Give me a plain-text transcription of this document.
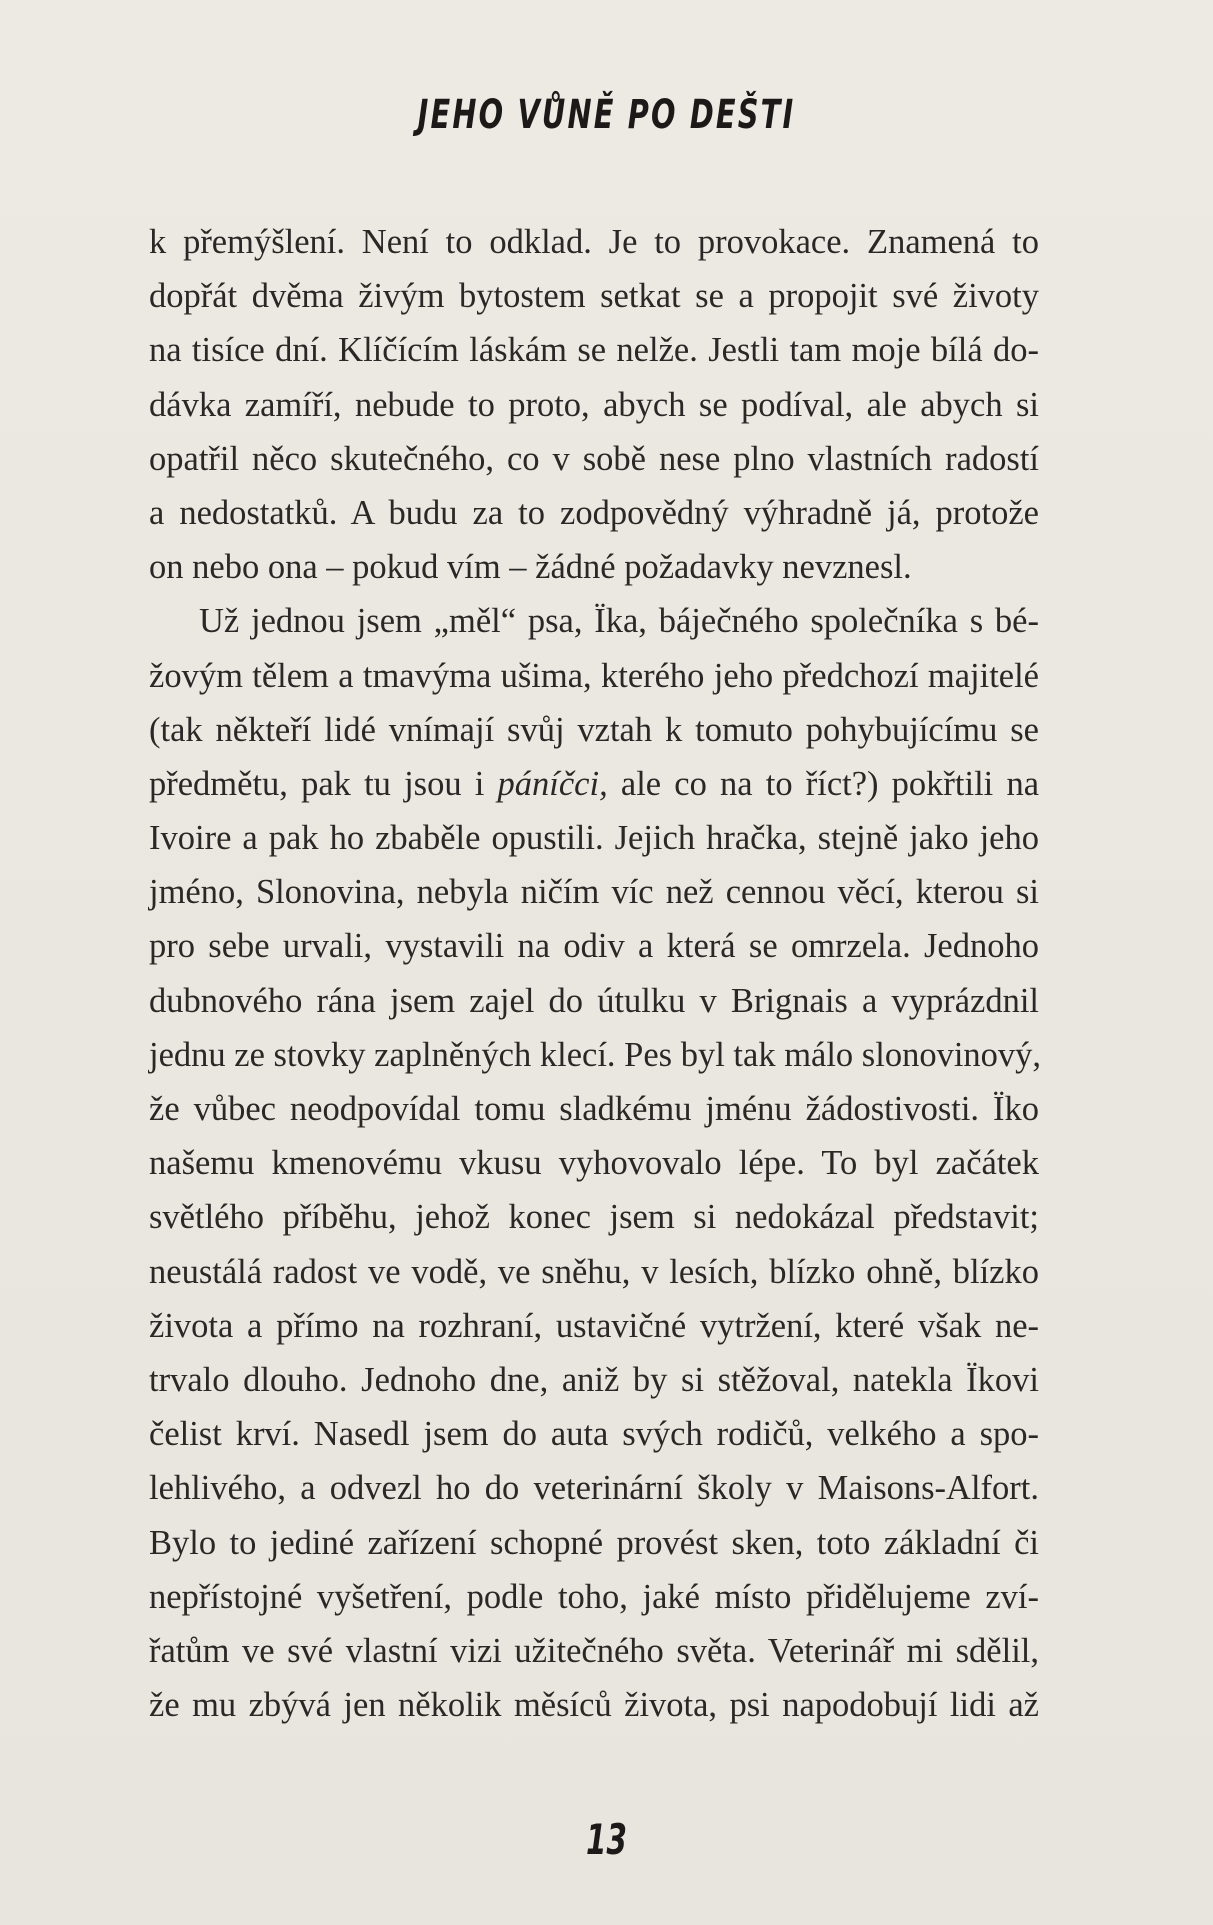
JEHO VŮNĚ PO DEŠTI
k přemýšlení. Není to odklad. Je to provokace. Znamená to
dopřát dvěma živým bytostem setkat se a propojit své životy
na tisíce dní. Klíčícím láskám se nelže. Jestli tam moje bílá do-
dávka zamíří, nebude to proto, abych se podíval, ale abych si
opatřil něco skutečného, co v sobě nese plno vlastních radostí
a nedostatků. A budu za to zodpovědný výhradně já, protože
on nebo ona – pokud vím – žádné požadavky nevznesl.
Už jednou jsem „měl“ psa, Ïka, báječného společníka s bé-
žovým tělem a tmavýma ušima, kterého jeho předchozí majitelé
(tak někteří lidé vnímají svůj vztah k tomuto pohybujícímu se
předmětu, pak tu jsou i páníčci, ale co na to říct?) pokřtili na
Ivoire a pak ho zbaběle opustili. Jejich hračka, stejně jako jeho
jméno, Slonovina, nebyla ničím víc než cennou věcí, kterou si
pro sebe urvali, vystavili na odiv a která se omrzela. Jednoho
dubnového rána jsem zajel do útulku v Brignais a vyprázdnil
jednu ze stovky zaplněných klecí. Pes byl tak málo slonovinový,
že vůbec neodpovídal tomu sladkému jménu žádostivosti. Ïko
našemu kmenovému vkusu vyhovovalo lépe. To byl začátek
světlého příběhu, jehož konec jsem si nedokázal představit;
neustálá radost ve vodě, ve sněhu, v lesích, blízko ohně, blízko
života a přímo na rozhraní, ustavičné vytržení, které však ne-
trvalo dlouho. Jednoho dne, aniž by si stěžoval, natekla Ïkovi
čelist krví. Nasedl jsem do auta svých rodičů, velkého a spo-
lehlivého, a odvezl ho do veterinární školy v Maisons-Alfort.
Bylo to jediné zařízení schopné provést sken, toto základní či
nepřístojné vyšetření, podle toho, jaké místo přidělujeme zví-
řatům ve své vlastní vizi užitečného světa. Veterinář mi sdělil,
že mu zbývá jen několik měsíců života, psi napodobují lidi až
13
